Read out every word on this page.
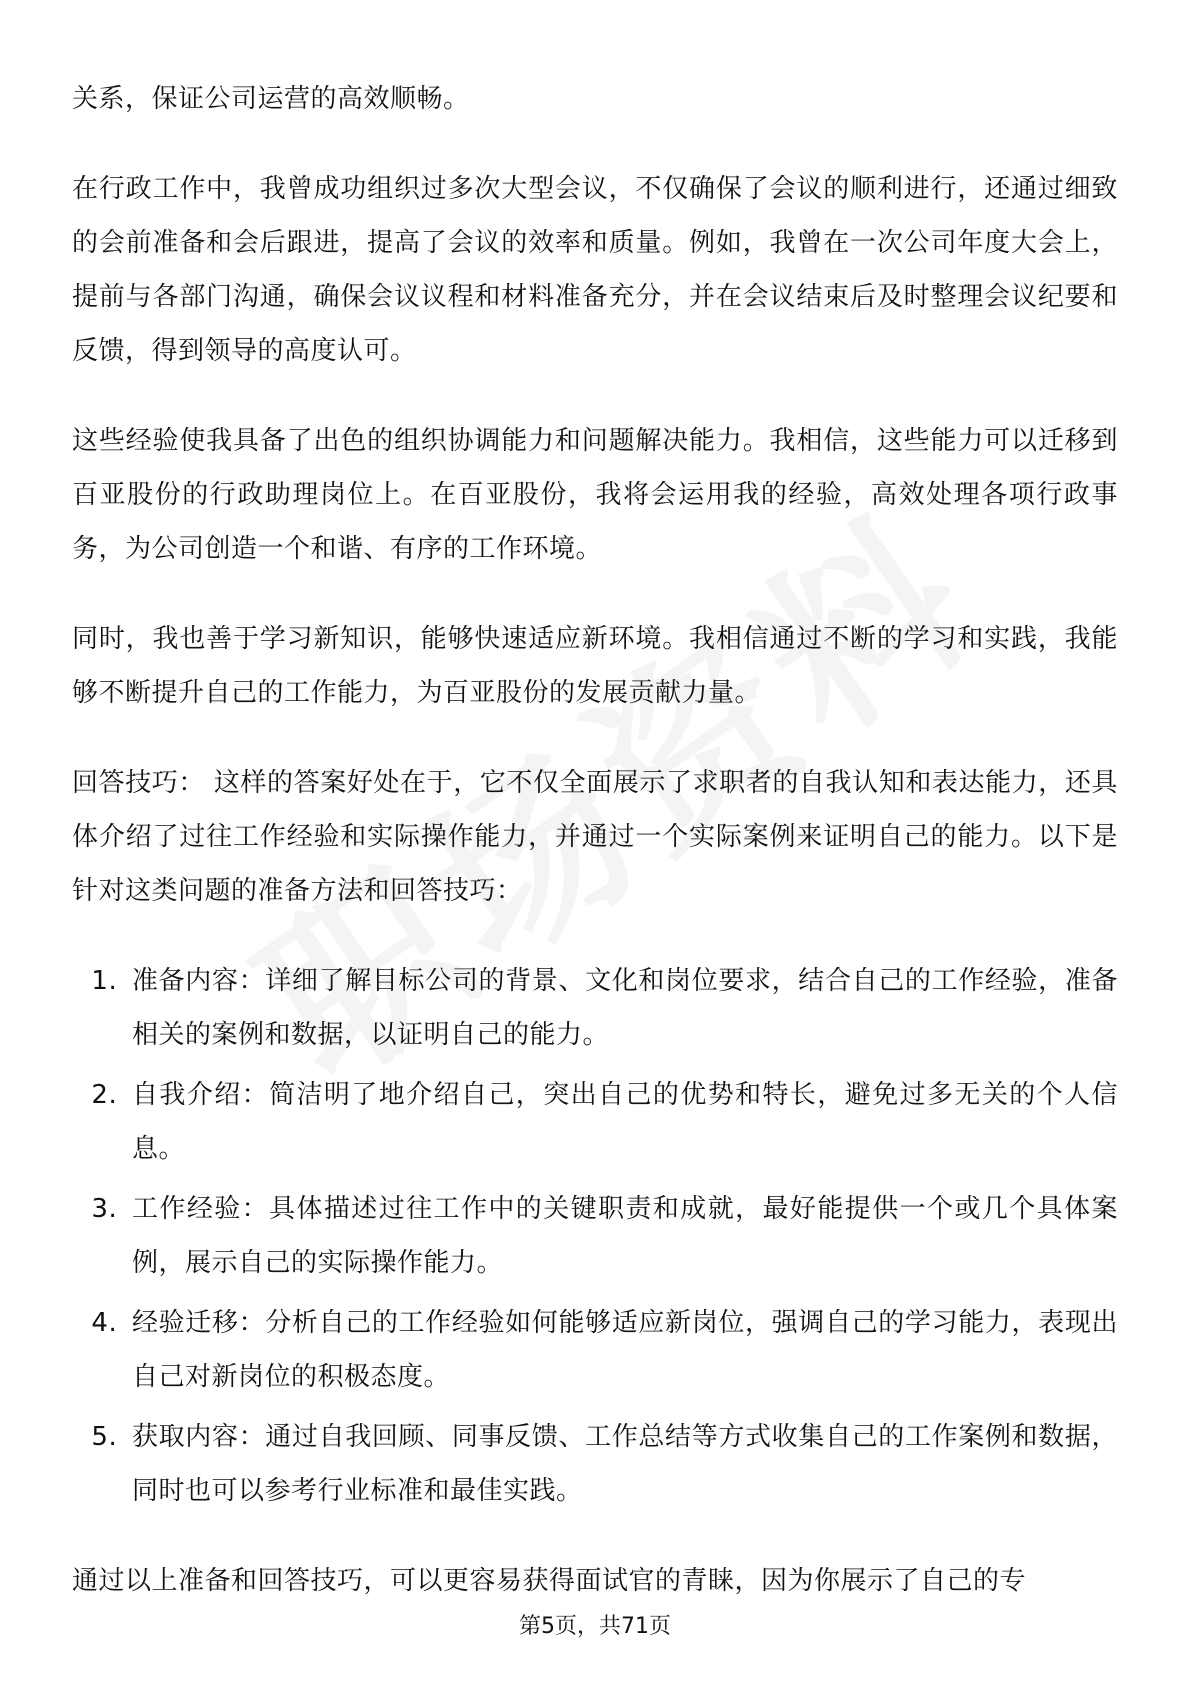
关系，保证公司运营的高效顺畅。

在行政工作中，我曾成功组织过多次大型会议，不仅确保了会议的顺利进行，还通过细致的会前准备和会后跟进，提高了会议的效率和质量。例如，我曾在一次公司年度大会上，提前与各部门沟通，确保会议议程和材料准备充分，并在会议结束后及时整理会议纪要和反馈，得到领导的高度认可。

这些经验使我具备了出色的组织协调能力和问题解决能力。我相信，这些能力可以迁移到百亚股份的行政助理岗位上。在百亚股份，我将会运用我的经验，高效处理各项行政事务，为公司创造一个和谐、有序的工作环境。

同时，我也善于学习新知识，能够快速适应新环境。我相信通过不断的学习和实践，我能够不断提升自己的工作能力，为百亚股份的发展贡献力量。

回答技巧： 这样的答案好处在于，它不仅全面展示了求职者的自我认知和表达能力，还具体介绍了过往工作经验和实际操作能力，并通过一个实际案例来证明自己的能力。以下是针对这类问题的准备方法和回答技巧：

1. 准备内容：详细了解目标公司的背景、文化和岗位要求，结合自己的工作经验，准备相关的案例和数据，以证明自己的能力。
2. 自我介绍：简洁明了地介绍自己，突出自己的优势和特长，避免过多无关的个人信息。
3. 工作经验：具体描述过往工作中的关键职责和成就，最好能提供一个或几个具体案例，展示自己的实际操作能力。
4. 经验迁移：分析自己的工作经验如何能够适应新岗位，强调自己的学习能力，表现出自己对新岗位的积极态度。
5. 获取内容：通过自我回顾、同事反馈、工作总结等方式收集自己的工作案例和数据，同时也可以参考行业标准和最佳实践。

通过以上准备和回答技巧，可以更容易获得面试官的青睐，因为你展示了自己的专

第5页，共71页
